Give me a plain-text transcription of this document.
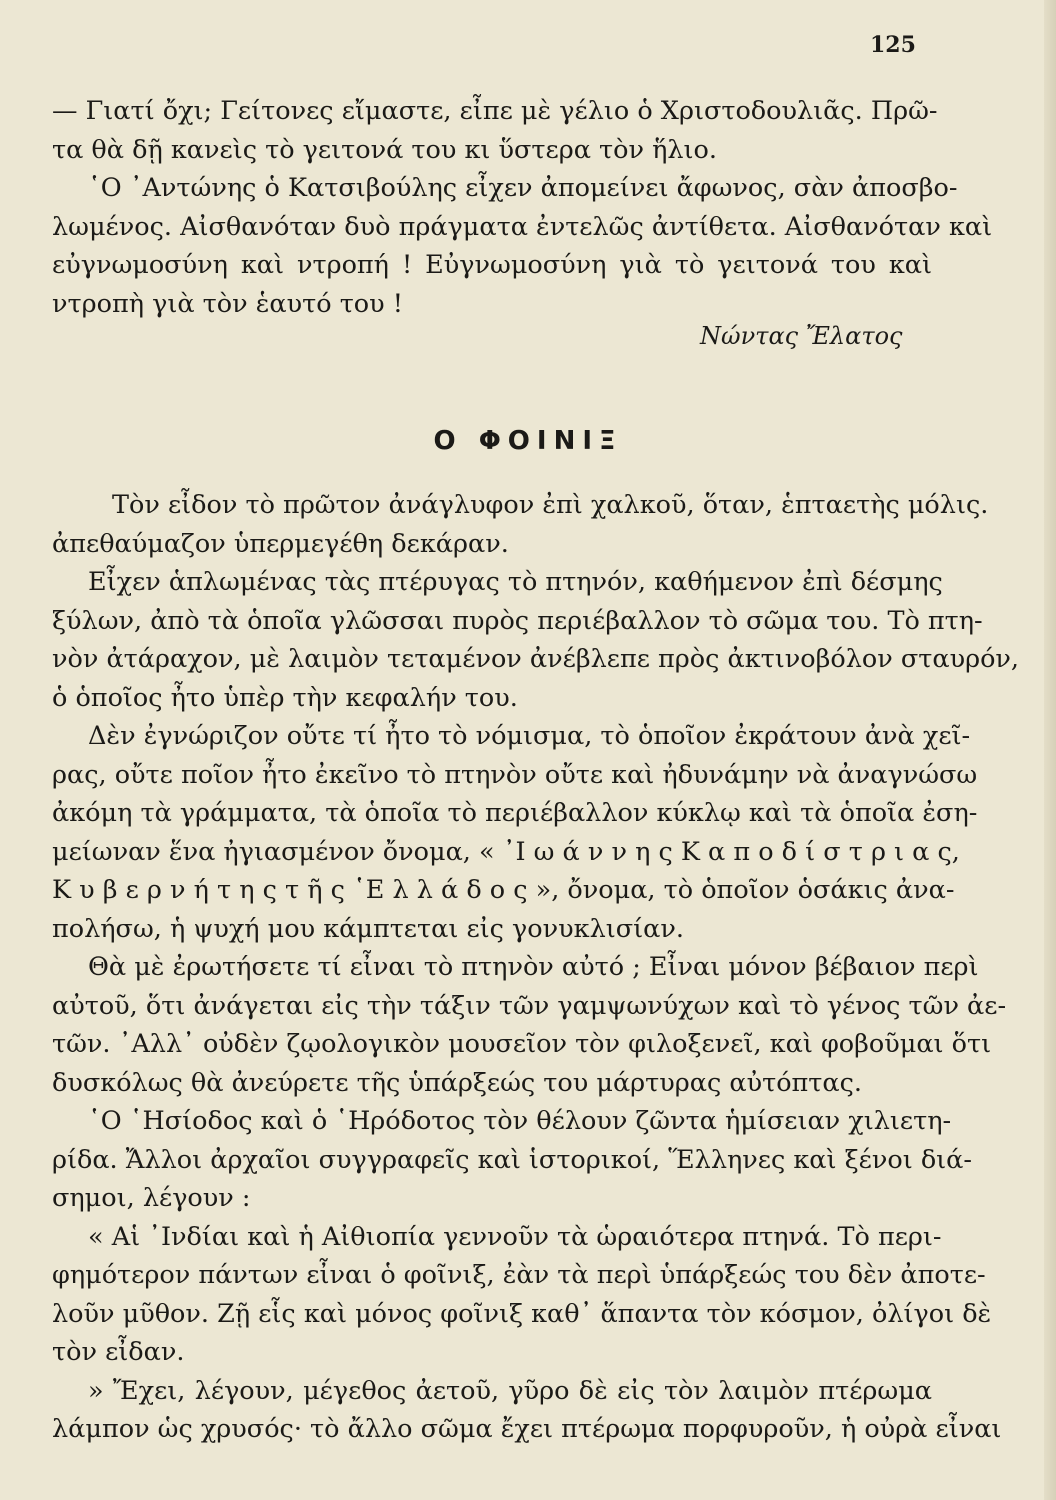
125
— Γιατί ὄχι; Γείτονες εἴμαστε, εἶπε μὲ γέλιο ὁ Χριστοδουλιᾶς. Πρῶ-
τα θὰ δῇ κανεὶς τὸ γειτονά του κι ὕστερα τὸν ἥλιο.
῾Ο ᾿Αντώνης ὁ Κατσιβούλης εἶχεν ἀπομείνει ἄφωνος, σὰν ἀποσβο-
λωμένος. Αἰσθανόταν δυὸ πράγματα ἐντελῶς ἀντίθετα. Αἰσθανόταν καὶ
εὐγνωμοσύνη καὶ ντροπή ! Εὐγνωμοσύνη γιὰ τὸ γειτονά του καὶ
ντροπὴ γιὰ τὸν ἑαυτό του !
Νώντας Ἔλατος
Ο ΦΟΙΝΙΞ
Τὸν εἶδον τὸ πρῶτον ἀνάγλυφον ἐπὶ χαλκοῦ, ὅταν, ἑπταετὴς μόλις.
ἀπεθαύμαζον ὑπερμεγέθη δεκάραν.
Εἶχεν ἁπλωμένας τὰς πτέρυγας τὸ πτηνόν, καθήμενον ἐπὶ δέσμης
ξύλων, ἀπὸ τὰ ὁποῖα γλῶσσαι πυρὸς περιέβαλλον τὸ σῶμα του. Τὸ πτη-
νὸν ἀτάραχον, μὲ λαιμὸν τεταμένον ἀνέβλεπε πρὸς ἀκτινοβόλον σταυρόν,
ὁ ὁποῖος ἦτο ὑπὲρ τὴν κεφαλήν του.
Δὲν ἐγνώριζον οὔτε τί ἦτο τὸ νόμισμα, τὸ ὁποῖον ἐκράτουν ἀνὰ χεῖ-
ρας, οὔτε ποῖον ἦτο ἐκεῖνο τὸ πτηνὸν οὔτε καὶ ἠδυνάμην νὰ ἀναγνώσω
ἀκόμη τὰ γράμματα, τὰ ὁποῖα τὸ περιέβαλλον κύκλῳ καὶ τὰ ὁποῖα ἐση-
μείωναν ἕνα ἠγιασμένον ὄνομα, « ᾿Ι ω ά ν ν η ς Κ α π ο δ ί σ τ ρ ι α ς,
Κ υ β ε ρ ν ή τ η ς τ ῆ ς ῾Ε λ λ ά δ ο ς », ὄνομα, τὸ ὁποῖον ὁσάκις ἀνα-
πολήσω, ἡ ψυχή μου κάμπτεται εἰς γονυκλισίαν.
Θὰ μὲ ἐρωτήσετε τί εἶναι τὸ πτηνὸν αὐτό ; Εἶναι μόνον βέβαιον περὶ
αὐτοῦ, ὅτι ἀνάγεται εἰς τὴν τάξιν τῶν γαμψωνύχων καὶ τὸ γένος τῶν ἀε-
τῶν. ᾿Αλλ᾿ οὐδὲν ζῳολογικὸν μουσεῖον τὸν φιλοξενεῖ, καὶ φοβοῦμαι ὅτι
δυσκόλως θὰ ἀνεύρετε τῆς ὑπάρξεώς του μάρτυρας αὐτόπτας.
῾Ο ῾Ησίοδος καὶ ὁ ῾Ηρόδοτος τὸν θέλουν ζῶντα ἡμίσειαν χιλιετη-
ρίδα. Ἄλλοι ἀρχαῖοι συγγραφεῖς καὶ ἱστορικοί, Ἕλληνες καὶ ξένοι διά-
σημοι, λέγουν :
« Αἱ ᾿Ινδίαι καὶ ἡ Αἰθιοπία γεννοῦν τὰ ὡραιότερα πτηνά. Τὸ περι-
φημότερον πάντων εἶναι ὁ φοῖνιξ, ἐὰν τὰ περὶ ὑπάρξεώς του δὲν ἀποτε-
λοῦν μῦθον. Ζῇ εἷς καὶ μόνος φοῖνιξ καθ᾿ ἅπαντα τὸν κόσμον, ὀλίγοι δὲ
τὸν εἶδαν.
» Ἔχει, λέγουν, μέγεθος ἀετοῦ, γῦρο δὲ εἰς τὸν λαιμὸν πτέρωμα
λάμπον ὡς χρυσός· τὸ ἄλλο σῶμα ἔχει πτέρωμα πορφυροῦν, ἡ οὐρὰ εἶναι
